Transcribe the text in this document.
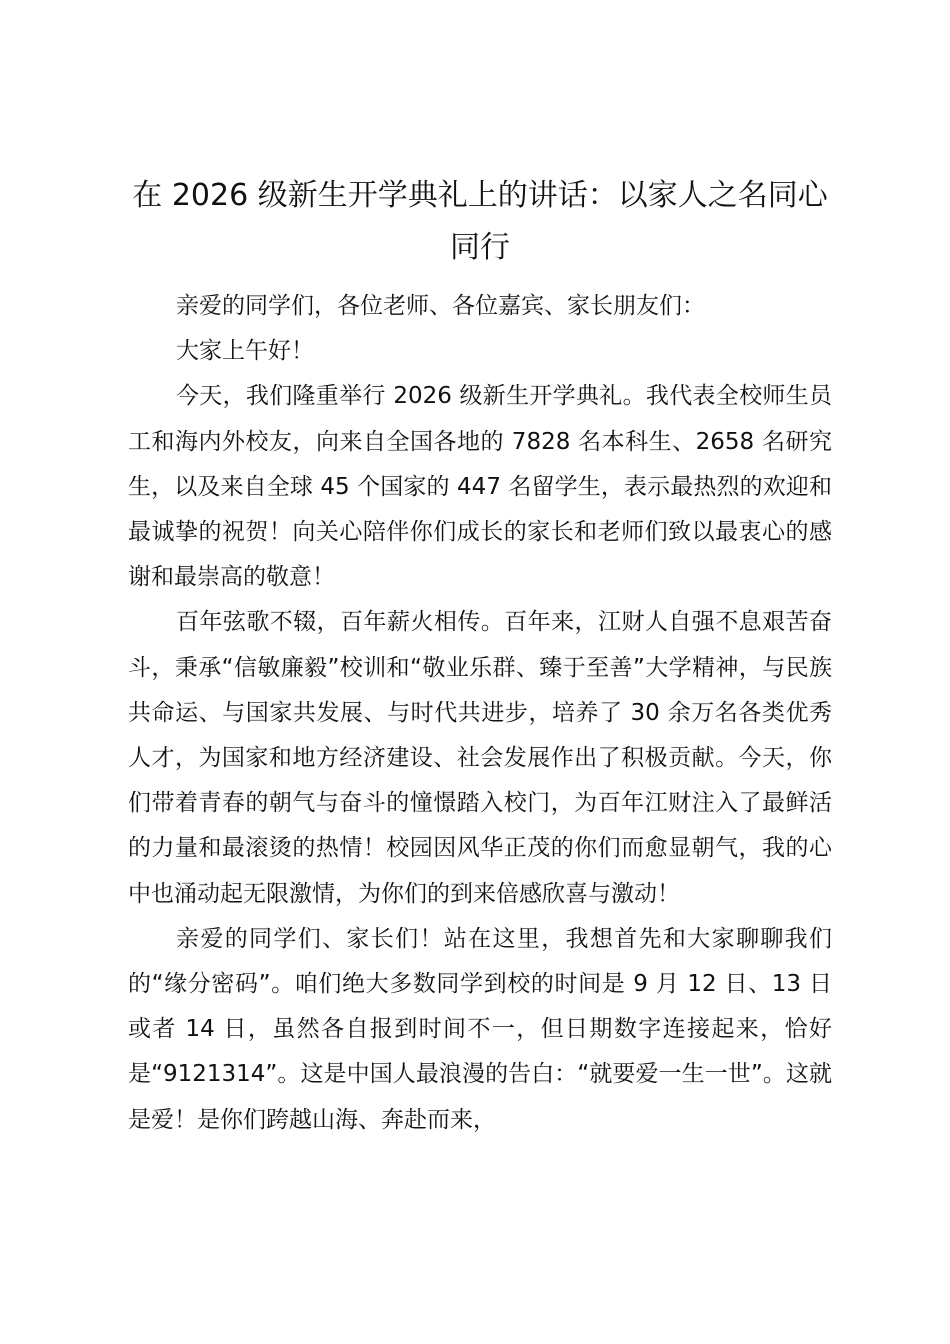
在 2026 级新生开学典礼上的讲话：以家人之名同心同行

亲爱的同学们，各位老师、各位嘉宾、家长朋友们：

大家上午好！

今天，我们隆重举行 2026 级新生开学典礼。我代表全校师生员工和海内外校友，向来自全国各地的 7828 名本科生、2658 名研究生，以及来自全球 45 个国家的 447 名留学生，表示最热烈的欢迎和最诚挚的祝贺！向关心陪伴你们成长的家长和老师们致以最衷心的感谢和最崇高的敬意！

百年弦歌不辍，百年薪火相传。百年来，江财人自强不息艰苦奋斗，秉承“信敏廉毅”校训和“敬业乐群、臻于至善”大学精神，与民族共命运、与国家共发展、与时代共进步，培养了 30 余万名各类优秀人才，为国家和地方经济建设、社会发展作出了积极贡献。今天，你们带着青春的朝气与奋斗的憧憬踏入校门，为百年江财注入了最鲜活的力量和最滚烫的热情！校园因风华正茂的你们而愈显朝气，我的心中也涌动起无限激情，为你们的到来倍感欣喜与激动！

亲爱的同学们、家长们！站在这里，我想首先和大家聊聊我们的“缘分密码”。咱们绝大多数同学到校的时间是 9 月 12 日、13 日或者 14 日，虽然各自报到时间不一，但日期数字连接起来，恰好是“9121314”。这是中国人最浪漫的告白：“就要爱一生一世”。这就是爱！是你们跨越山海、奔赴而来，
